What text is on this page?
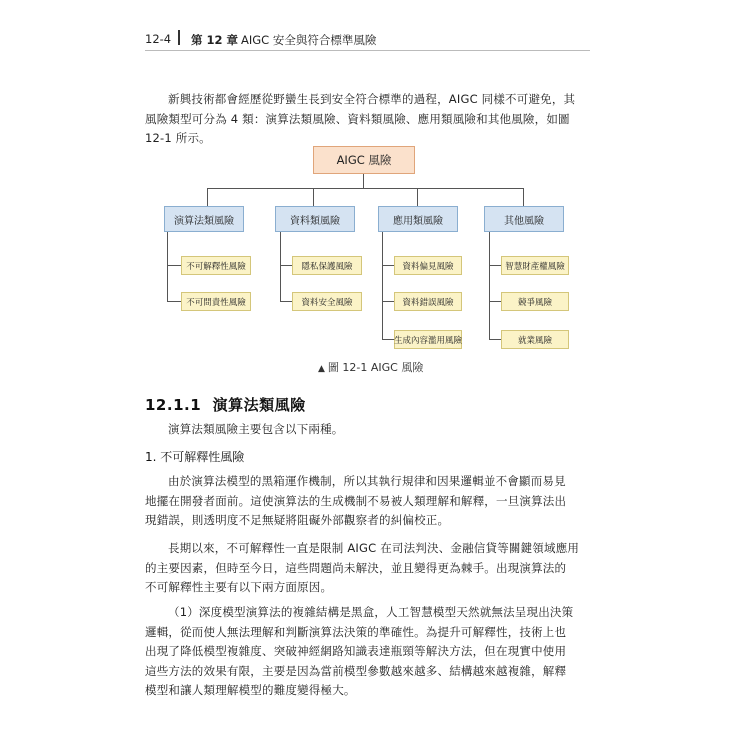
12-4 第 12 章 AIGC 安全與符合標準風險
新興技術都會經歷從野蠻生長到安全符合標準的過程，AIGC 同樣不可避免，其
風險類型可分為 4 類：演算法類風險、資料類風險、應用類風險和其他風險，如圖
12-1 所示。
AIGC 風險
演算法類風險	資料類風險	應用類風險	其他風險
不可解釋性風險
不可問責性風險
隱私保護風險
資料安全風險
資料偏見風險
資料錯誤風險
生成內容濫用風險
智慧財產權風險
競爭風險
就業風險
▲ 圖 12-1 AIGC 風險
12.1.1 演算法類風險
演算法類風險主要包含以下兩種。
1. 不可解釋性風險
由於演算法模型的黑箱運作機制，所以其執行規律和因果邏輯並不會顯而易見
地擺在開發者面前。這使演算法的生成機制不易被人類理解和解釋，一旦演算法出
現錯誤，則透明度不足無疑將阻礙外部觀察者的糾偏校正。
長期以來，不可解釋性一直是限制 AIGC 在司法判決、金融信貸等關鍵領域應用
的主要因素，但時至今日，這些問題尚未解決，並且變得更為棘手。出現演算法的
不可解釋性主要有以下兩方面原因。
（1）深度模型演算法的複雜結構是黑盒，人工智慧模型天然就無法呈現出決策
邏輯，從而使人無法理解和判斷演算法決策的準確性。為提升可解釋性，技術上也
出現了降低模型複雜度、突破神經網路知識表達瓶頸等解決方法，但在現實中使用
這些方法的效果有限，主要是因為當前模型參數越來越多、結構越來越複雜，解釋
模型和讓人類理解模型的難度變得極大。
